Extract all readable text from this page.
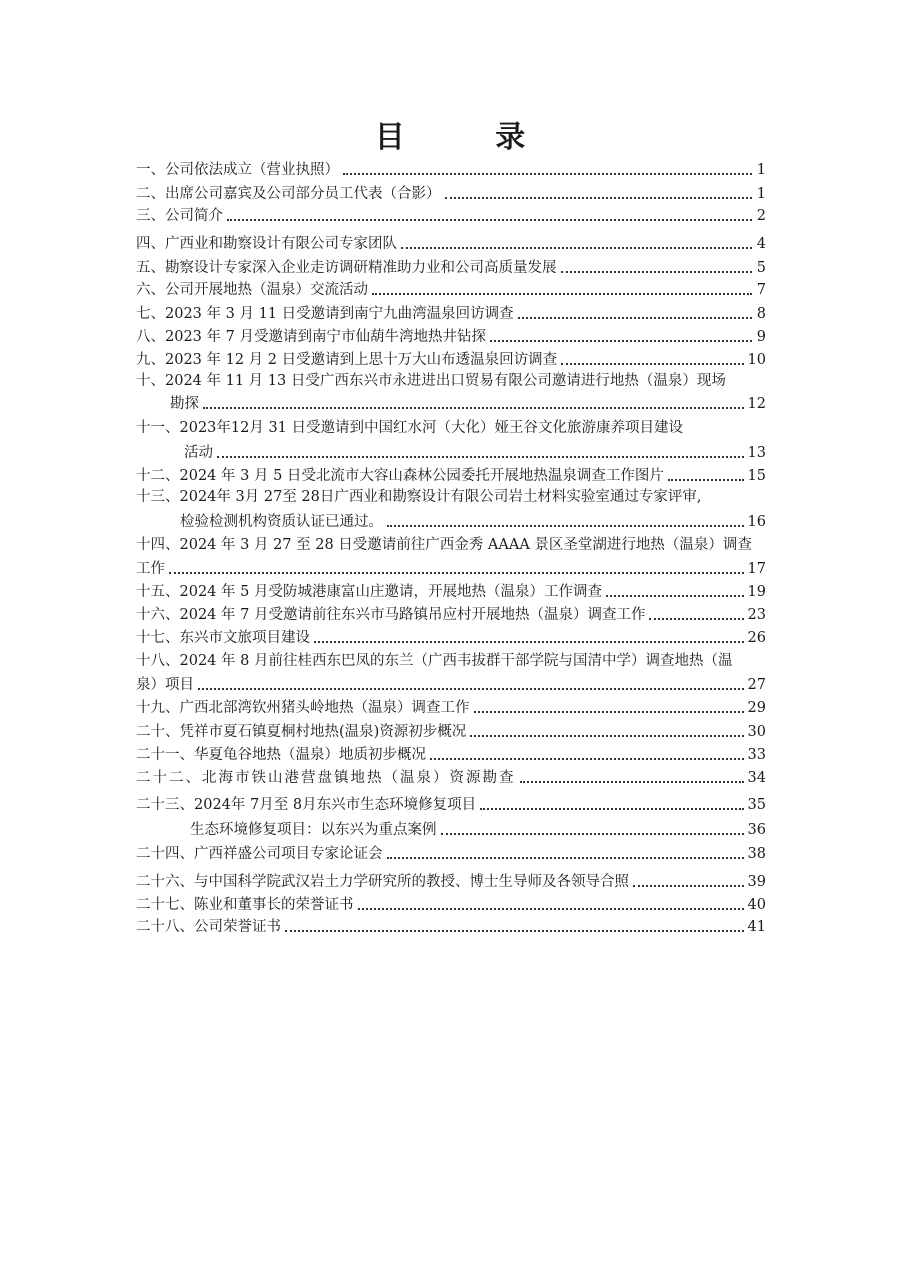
目 录
一、公司依法成立（营业执照）	1
二、出席公司嘉宾及公司部分员工代表（合影）	1
三、公司简介	2
四、广西业和勘察设计有限公司专家团队	4
五、勘察设计专家深入企业走访调研精准助力业和公司高质量发展	5
六、公司开展地热（温泉）交流活动	7
七、2023 年 3 月 11 日受邀请到南宁九曲湾温泉回访调查	8
八、2023 年 7 月受邀请到南宁市仙葫牛湾地热井钻探	9
九、2023 年 12 月 2 日受邀请到上思十万大山布透温泉回访调查	10
十、2024 年 11 月 13 日受广西东兴市永进进出口贸易有限公司邀请进行地热（温泉）现场
勘探	12
十一、2023年12月 31 日受邀请到中国红水河（大化）娅王谷文化旅游康养项目建设
活动	13
十二、2024 年 3 月 5 日受北流市大容山森林公园委托开展地热温泉调查工作图片	15
十三、2024年 3月 27至 28日广西业和勘察设计有限公司岩土材料实验室通过专家评审,
检验检测机构资质认证已通过。	16
十四、2024 年 3 月 27 至 28 日受邀请前往广西金秀 AAAA 景区圣堂湖进行地热（温泉）调查
工作	17
十五、2024 年 5 月受防城港康富山庄邀请，开展地热（温泉）工作调查	19
十六、2024 年 7 月受邀请前往东兴市马路镇吊应村开展地热（温泉）调查工作	23
十七、东兴市文旅项目建设	26
十八、2024 年 8 月前往桂西东巴凤的东兰（广西韦拔群干部学院与国清中学）调查地热（温
泉）项目	27
十九、广西北部湾钦州猪头岭地热（温泉）调查工作	29
二十、凭祥市夏石镇夏桐村地热(温泉)资源初步概况	30
二十一、华夏龟谷地热（温泉）地质初步概况	33
二十二、北海市铁山港营盘镇地热（温泉）资源勘查	34
二十三、2024年 7月至 8月东兴市生态环境修复项目	35
生态环境修复项目：以东兴为重点案例	36
二十四、广西祥盛公司项目专家论证会	38
二十六、与中国科学院武汉岩土力学研究所的教授、博士生导师及各领导合照	39
二十七、陈业和董事长的荣誉证书	40
二十八、公司荣誉证书	41
